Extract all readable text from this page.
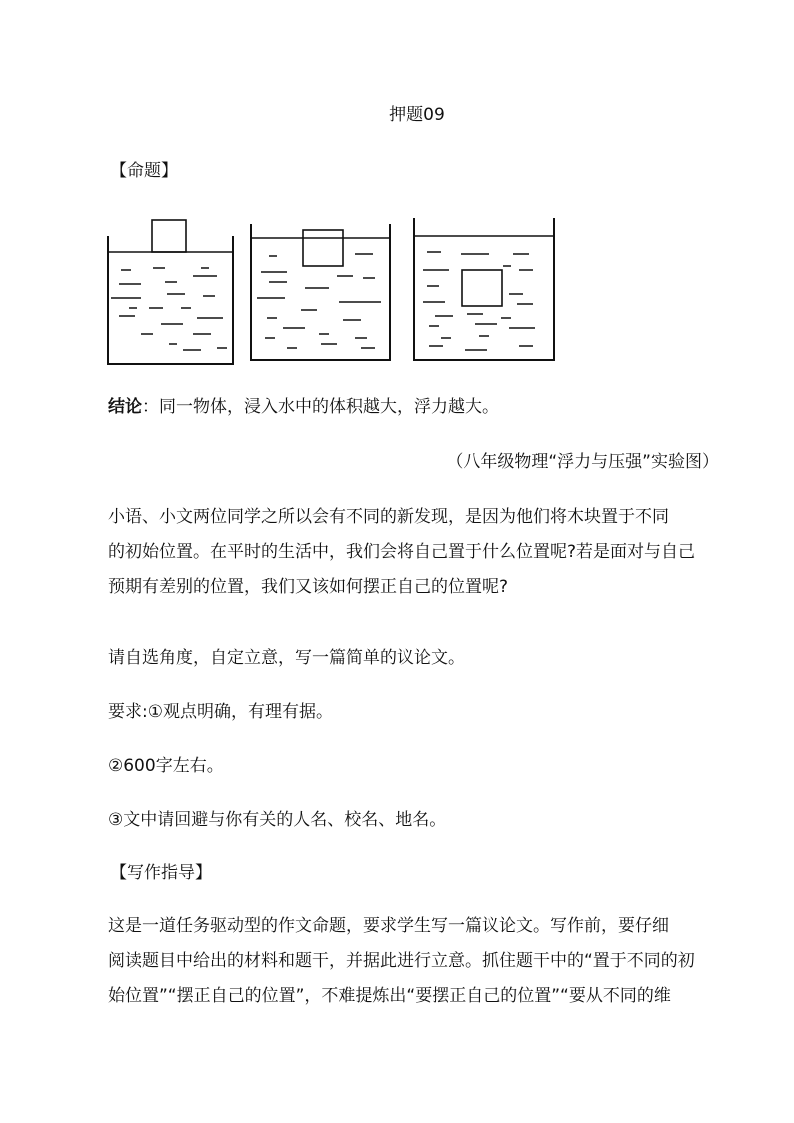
押题09
【命题】
结论：同一物体，浸入水中的体积越大，浮力越大。
（八年级物理“浮力与压强”实验图）
小语、小文两位同学之所以会有不同的新发现，是因为他们将木块置于不同
的初始位置。在平时的生活中，我们会将自己置于什么位置呢?若是面对与自己
预期有差别的位置，我们又该如何摆正自己的位置呢?
请自选角度，自定立意，写一篇简单的议论文。
要求:①观点明确，有理有据。
②600字左右。
③文中请回避与你有关的人名、校名、地名。
【写作指导】
这是一道任务驱动型的作文命题，要求学生写一篇议论文。写作前，要仔细
阅读题目中给出的材料和题干，并据此进行立意。抓住题干中的“置于不同的初
始位置”“摆正自己的位置”，不难提炼出“要摆正自己的位置”“要从不同的维
